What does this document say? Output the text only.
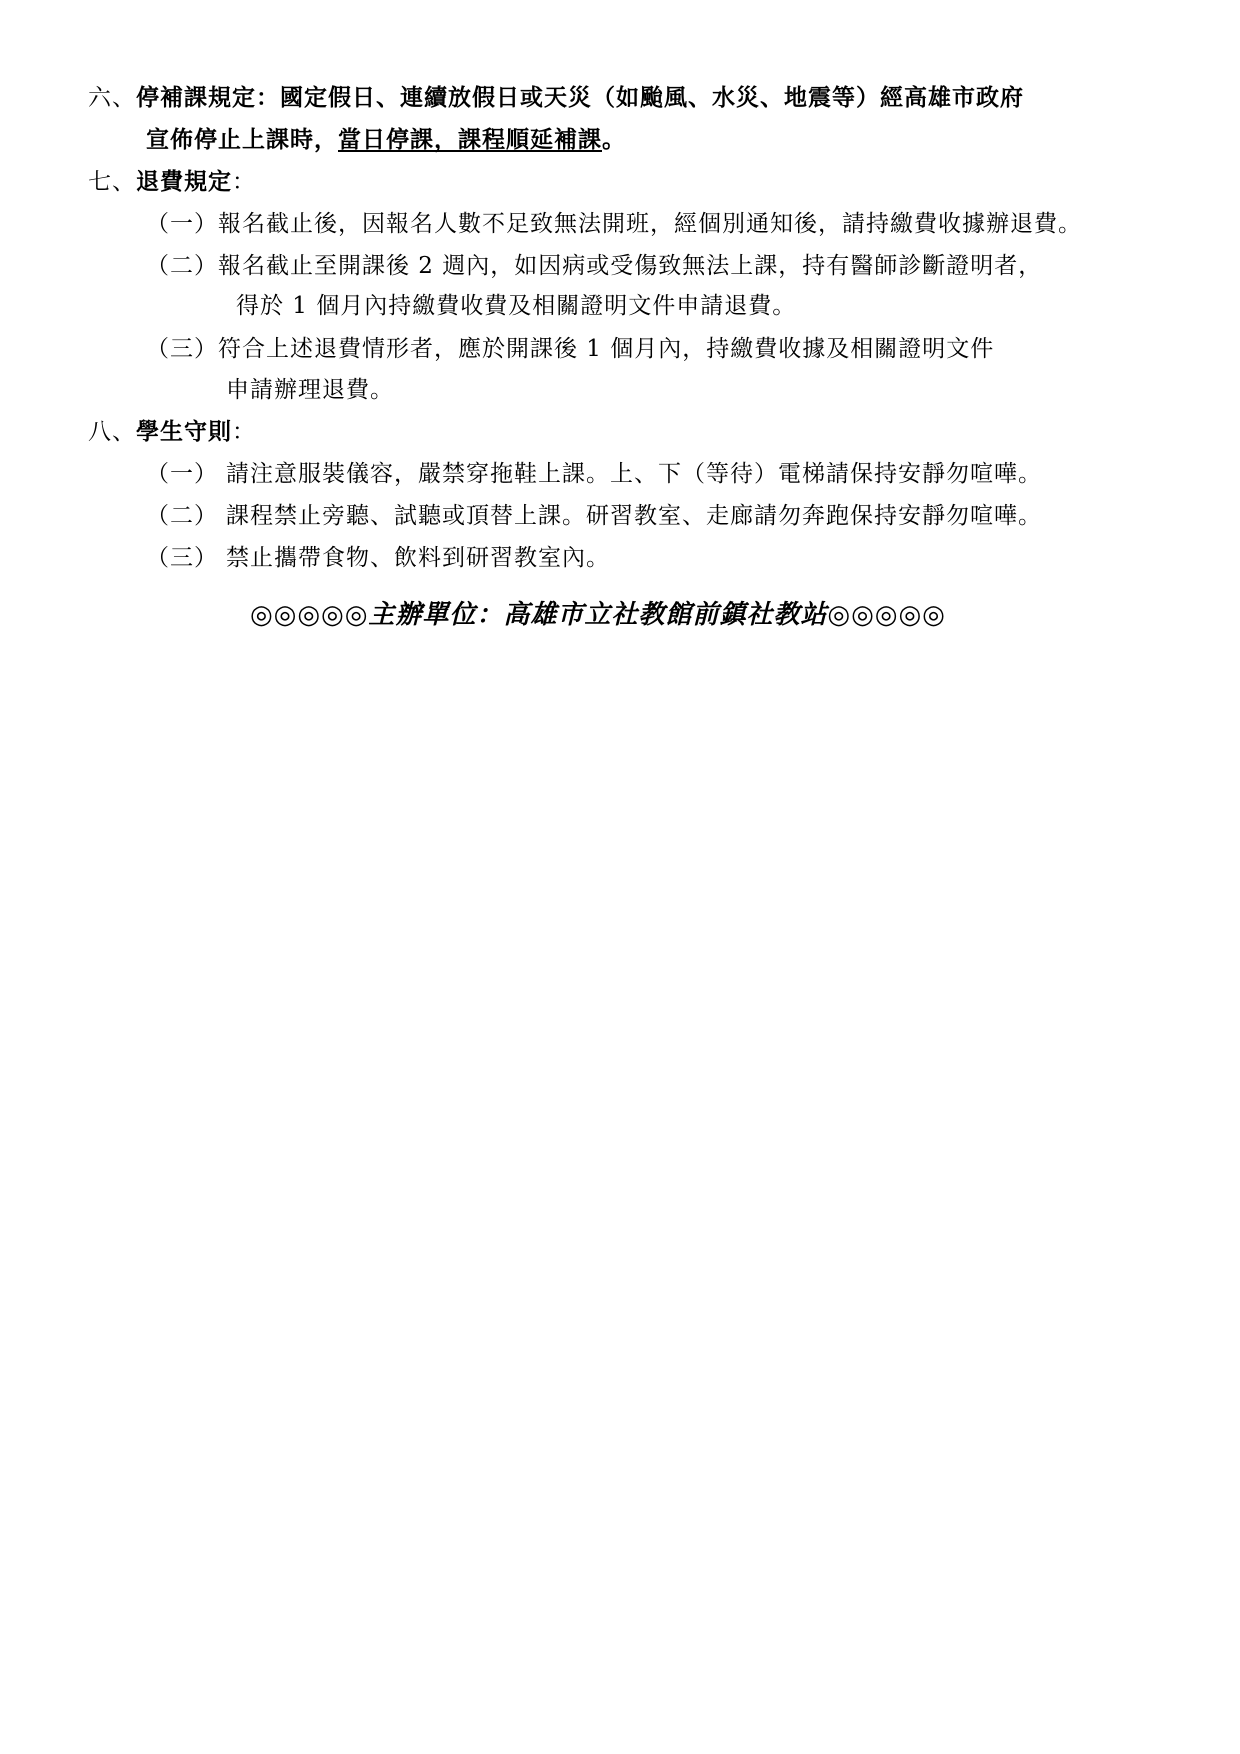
六、停補課規定：國定假日、連續放假日或天災（如颱風、水災、地震等）經高雄市政府
宣佈停止上課時，當日停課，課程順延補課。
七、退費規定：
（一）報名截止後，因報名人數不足致無法開班，經個別通知後，請持繳費收據辦退費。
（二）報名截止至開課後 2 週內，如因病或受傷致無法上課，持有醫師診斷證明者，
得於 1 個月內持繳費收費及相關證明文件申請退費。
（三）符合上述退費情形者，應於開課後 1 個月內，持繳費收據及相關證明文件
申請辦理退費。
八、學生守則：
（一） 請注意服裝儀容，嚴禁穿拖鞋上課。上、下（等待）電梯請保持安靜勿喧嘩。
（二） 課程禁止旁聽、試聽或頂替上課。研習教室、走廊請勿奔跑保持安靜勿喧嘩。
（三） 禁止攜帶食物、飲料到研習教室內。
◎◎◎◎◎主辦單位：高雄市立社教館前鎮社教站◎◎◎◎◎
